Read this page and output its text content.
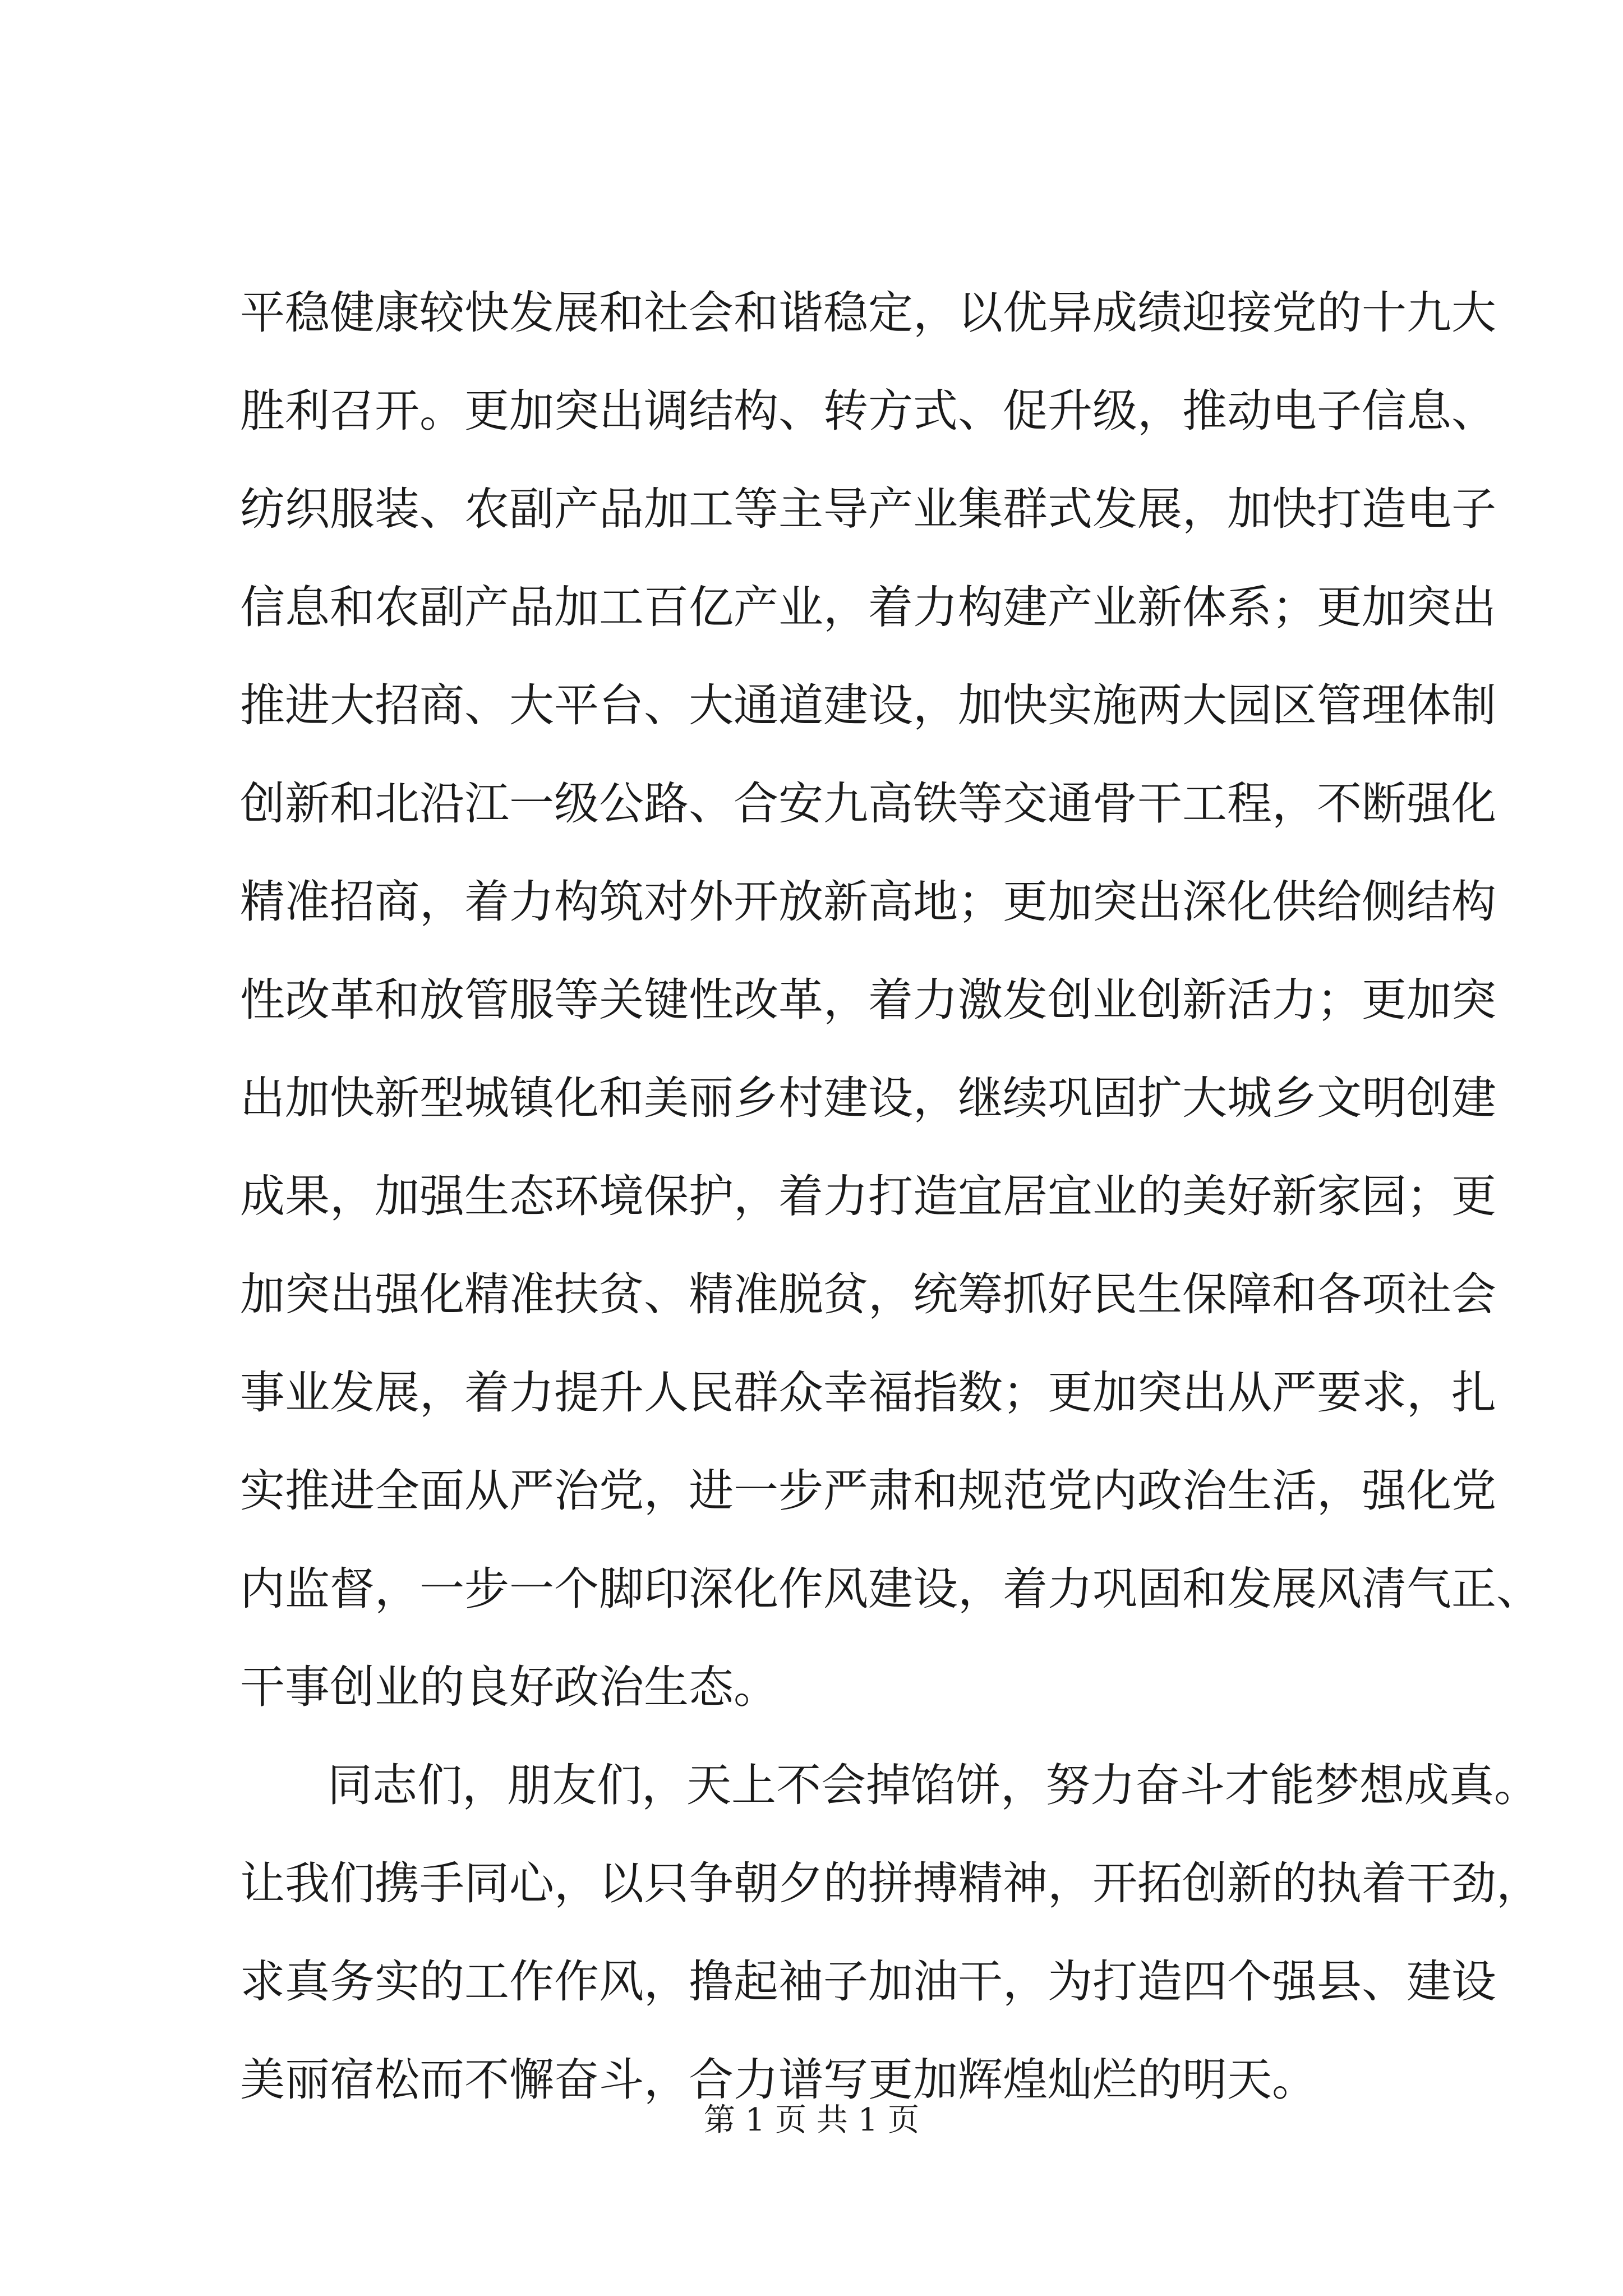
平稳健康较快发展和社会和谐稳定，以优异成绩迎接党的十九大
胜利召开。更加突出调结构、转方式、促升级，推动电子信息、
纺织服装、农副产品加工等主导产业集群式发展，加快打造电子
信息和农副产品加工百亿产业，着力构建产业新体系；更加突出
推进大招商、大平台、大通道建设，加快实施两大园区管理体制
创新和北沿江一级公路、合安九高铁等交通骨干工程，不断强化
精准招商，着力构筑对外开放新高地；更加突出深化供给侧结构
性改革和放管服等关键性改革，着力激发创业创新活力；更加突
出加快新型城镇化和美丽乡村建设，继续巩固扩大城乡文明创建
成果，加强生态环境保护，着力打造宜居宜业的美好新家园；更
加突出强化精准扶贫、精准脱贫，统筹抓好民生保障和各项社会
事业发展，着力提升人民群众幸福指数；更加突出从严要求，扎
实推进全面从严治党，进一步严肃和规范党内政治生活，强化党
内监督，一步一个脚印深化作风建设，着力巩固和发展风清气正、
干事创业的良好政治生态。
同志们，朋友们，天上不会掉馅饼，努力奋斗才能梦想成真。
让我们携手同心，以只争朝夕的拼搏精神，开拓创新的执着干劲，
求真务实的工作作风，撸起袖子加油干，为打造四个强县、建设
美丽宿松而不懈奋斗，合力谱写更加辉煌灿烂的明天。
第 1 页 共 1 页
